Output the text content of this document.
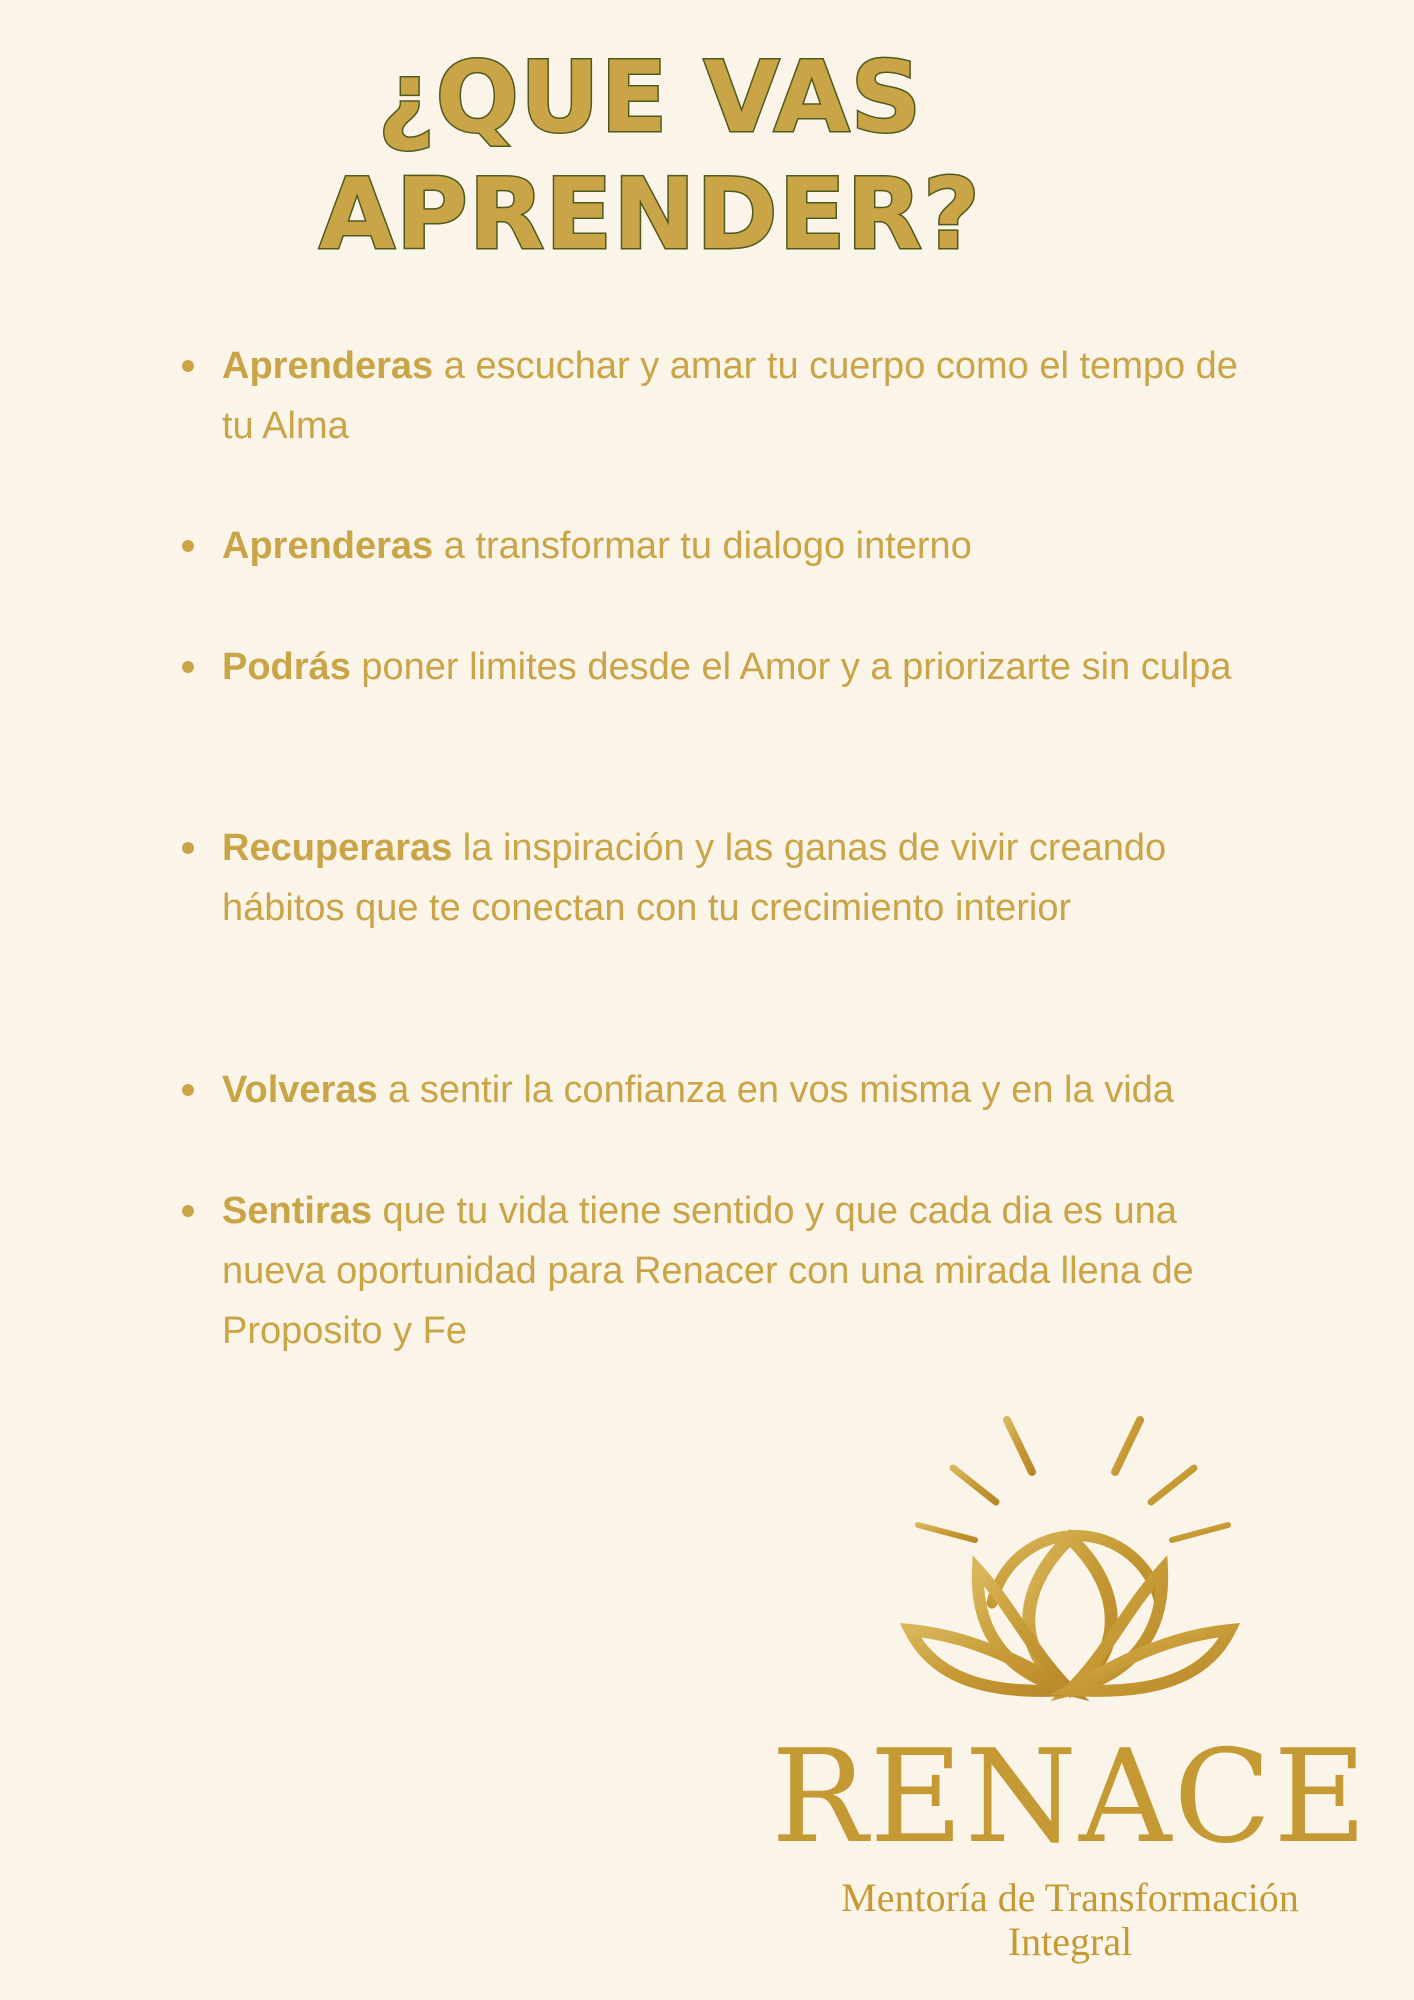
¿QUE VAS
APRENDER?
Aprenderas a escuchar y amar tu cuerpo como el tempo de tu Alma
Aprenderas a transformar tu dialogo interno
Podrás poner limites desde el Amor y a priorizarte sin culpa
Recuperaras la inspiración y las ganas de vivir creando hábitos que te conectan con tu crecimiento interior
Volveras a sentir la confianza en vos misma y en la vida
Sentiras que tu vida tiene sentido y que cada dia es una nueva oportunidad para Renacer con una mirada llena de Proposito y Fe

RENACE

Mentoría de Transformación
Integral
